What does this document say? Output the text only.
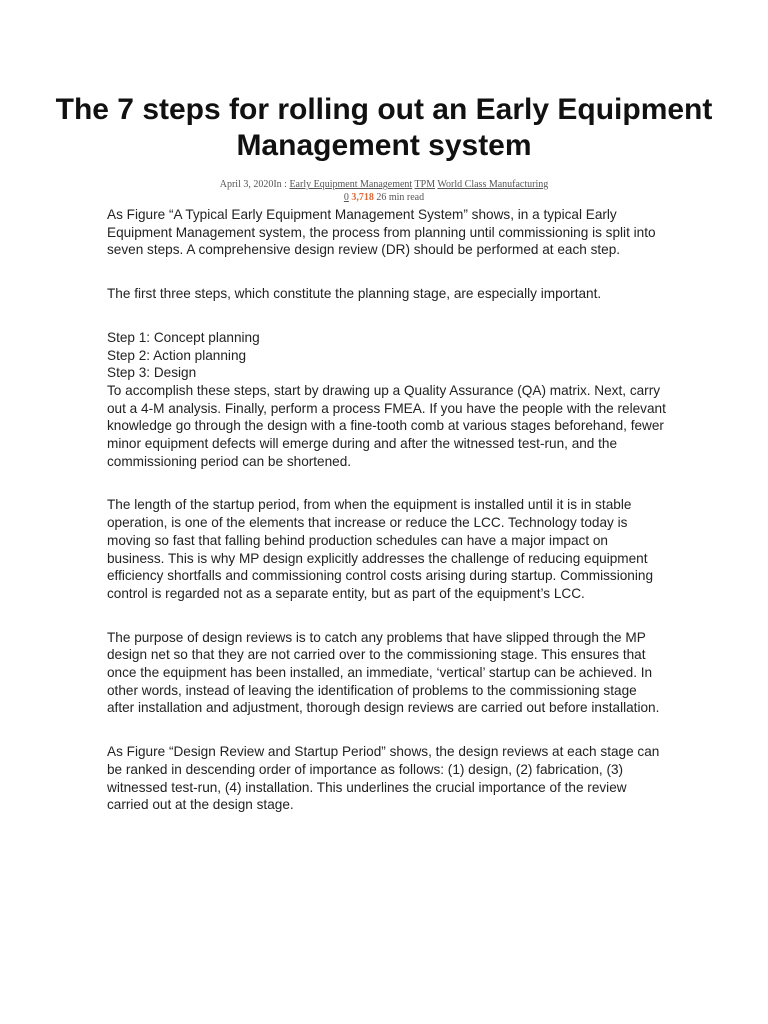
The 7 steps for rolling out an Early Equipment Management system
April 3, 2020In : Early Equipment Management TPM World Class Manufacturing
0 3,718 26 min read

As Figure “A Typical Early Equipment Management System” shows, in a typical Early Equipment Management system, the process from planning until commissioning is split into seven steps. A comprehensive design review (DR) should be performed at each step.

The first three steps, which constitute the planning stage, are especially important.

Step 1: Concept planning
Step 2: Action planning
Step 3: Design

To accomplish these steps, start by drawing up a Quality Assurance (QA) matrix. Next, carry out a 4-M analysis. Finally, perform a process FMEA. If you have the people with the relevant knowledge go through the design with a fine-tooth comb at various stages beforehand, fewer minor equipment defects will emerge during and after the witnessed test-run, and the commissioning period can be shortened.

The length of the startup period, from when the equipment is installed until it is in stable operation, is one of the elements that increase or reduce the LCC. Technology today is moving so fast that falling behind production schedules can have a major impact on business. This is why MP design explicitly addresses the challenge of reducing equipment efficiency shortfalls and commissioning control costs arising during startup. Commissioning control is regarded not as a separate entity, but as part of the equipment’s LCC.

The purpose of design reviews is to catch any problems that have slipped through the MP design net so that they are not carried over to the commissioning stage. This ensures that once the equipment has been installed, an immediate, ‘vertical’ startup can be achieved. In other words, instead of leaving the identification of problems to the commissioning stage after installation and adjustment, thorough design reviews are carried out before installation.

As Figure “Design Review and Startup Period” shows, the design reviews at each stage can be ranked in descending order of importance as follows: (1) design, (2) fabrication, (3) witnessed test-run, (4) installation. This underlines the crucial importance of the review carried out at the design stage.
